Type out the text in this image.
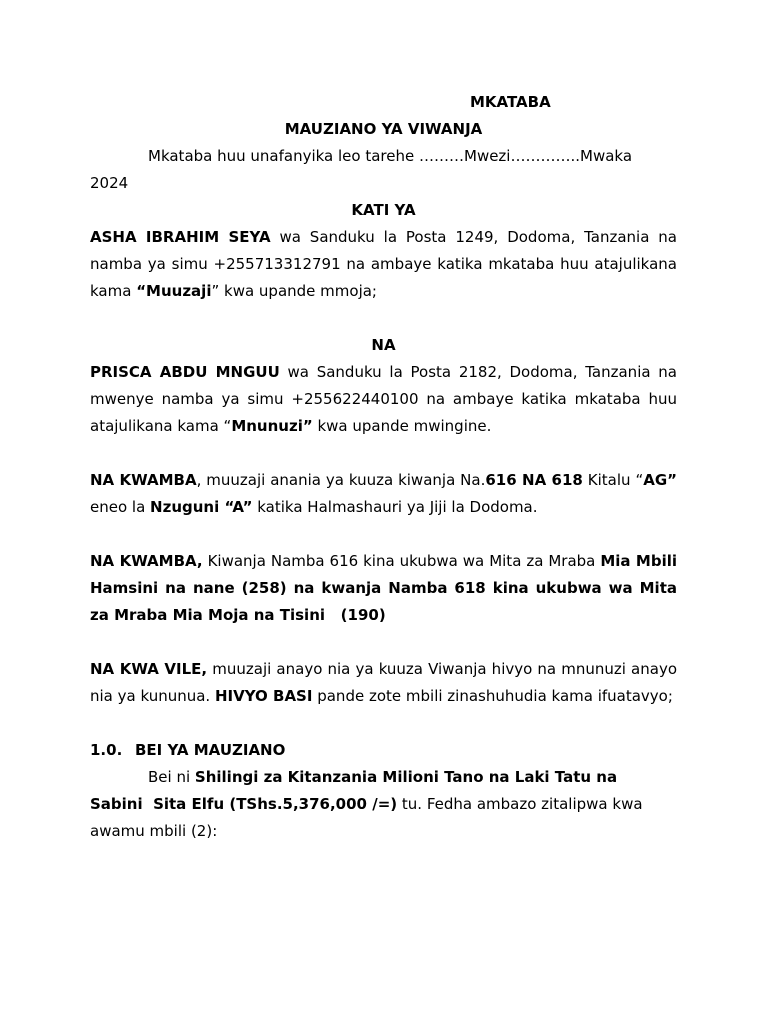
MKATABA
MAUZIANO YA VIWANJA
Mkataba huu unafanyika leo tarehe ………Mwezi…………..Mwaka
2024
KATI YA
ASHA IBRAHIM SEYA wa Sanduku la Posta 1249, Dodoma, Tanzania na namba ya simu +255713312791 na ambaye katika mkataba huu atajulikana kama “Muuzaji” kwa upande mmoja;
NA
PRISCA ABDU MNGUU wa Sanduku la Posta 2182, Dodoma, Tanzania na mwenye namba ya simu +255622440100 na ambaye katika mkataba huu atajulikana kama “Mnunuzi” kwa upande mwingine.
NA KWAMBA, muuzaji anania ya kuuza kiwanja Na.616 NA 618 Kitalu “AG” eneo la Nzuguni “A” katika Halmashauri ya Jiji la Dodoma.
NA KWAMBA, Kiwanja Namba 616 kina ukubwa wa Mita za Mraba Mia Mbili Hamsini na nane (258) na kwanja Namba 618 kina ukubwa wa Mita za Mraba Mia Moja na Tisini   (190)
NA KWA VILE, muuzaji anayo nia ya kuuza Viwanja hivyo na mnunuzi anayo nia ya kununua. HIVYO BASI pande zote mbili zinashuhudia kama ifuatavyo;
1.0. BEI YA MAUZIANO
Bei ni Shilingi za Kitanzania Milioni Tano na Laki Tatu na
Sabini  Sita Elfu (TShs.5,376,000 /=) tu. Fedha ambazo zitalipwa kwa
awamu mbili (2):
